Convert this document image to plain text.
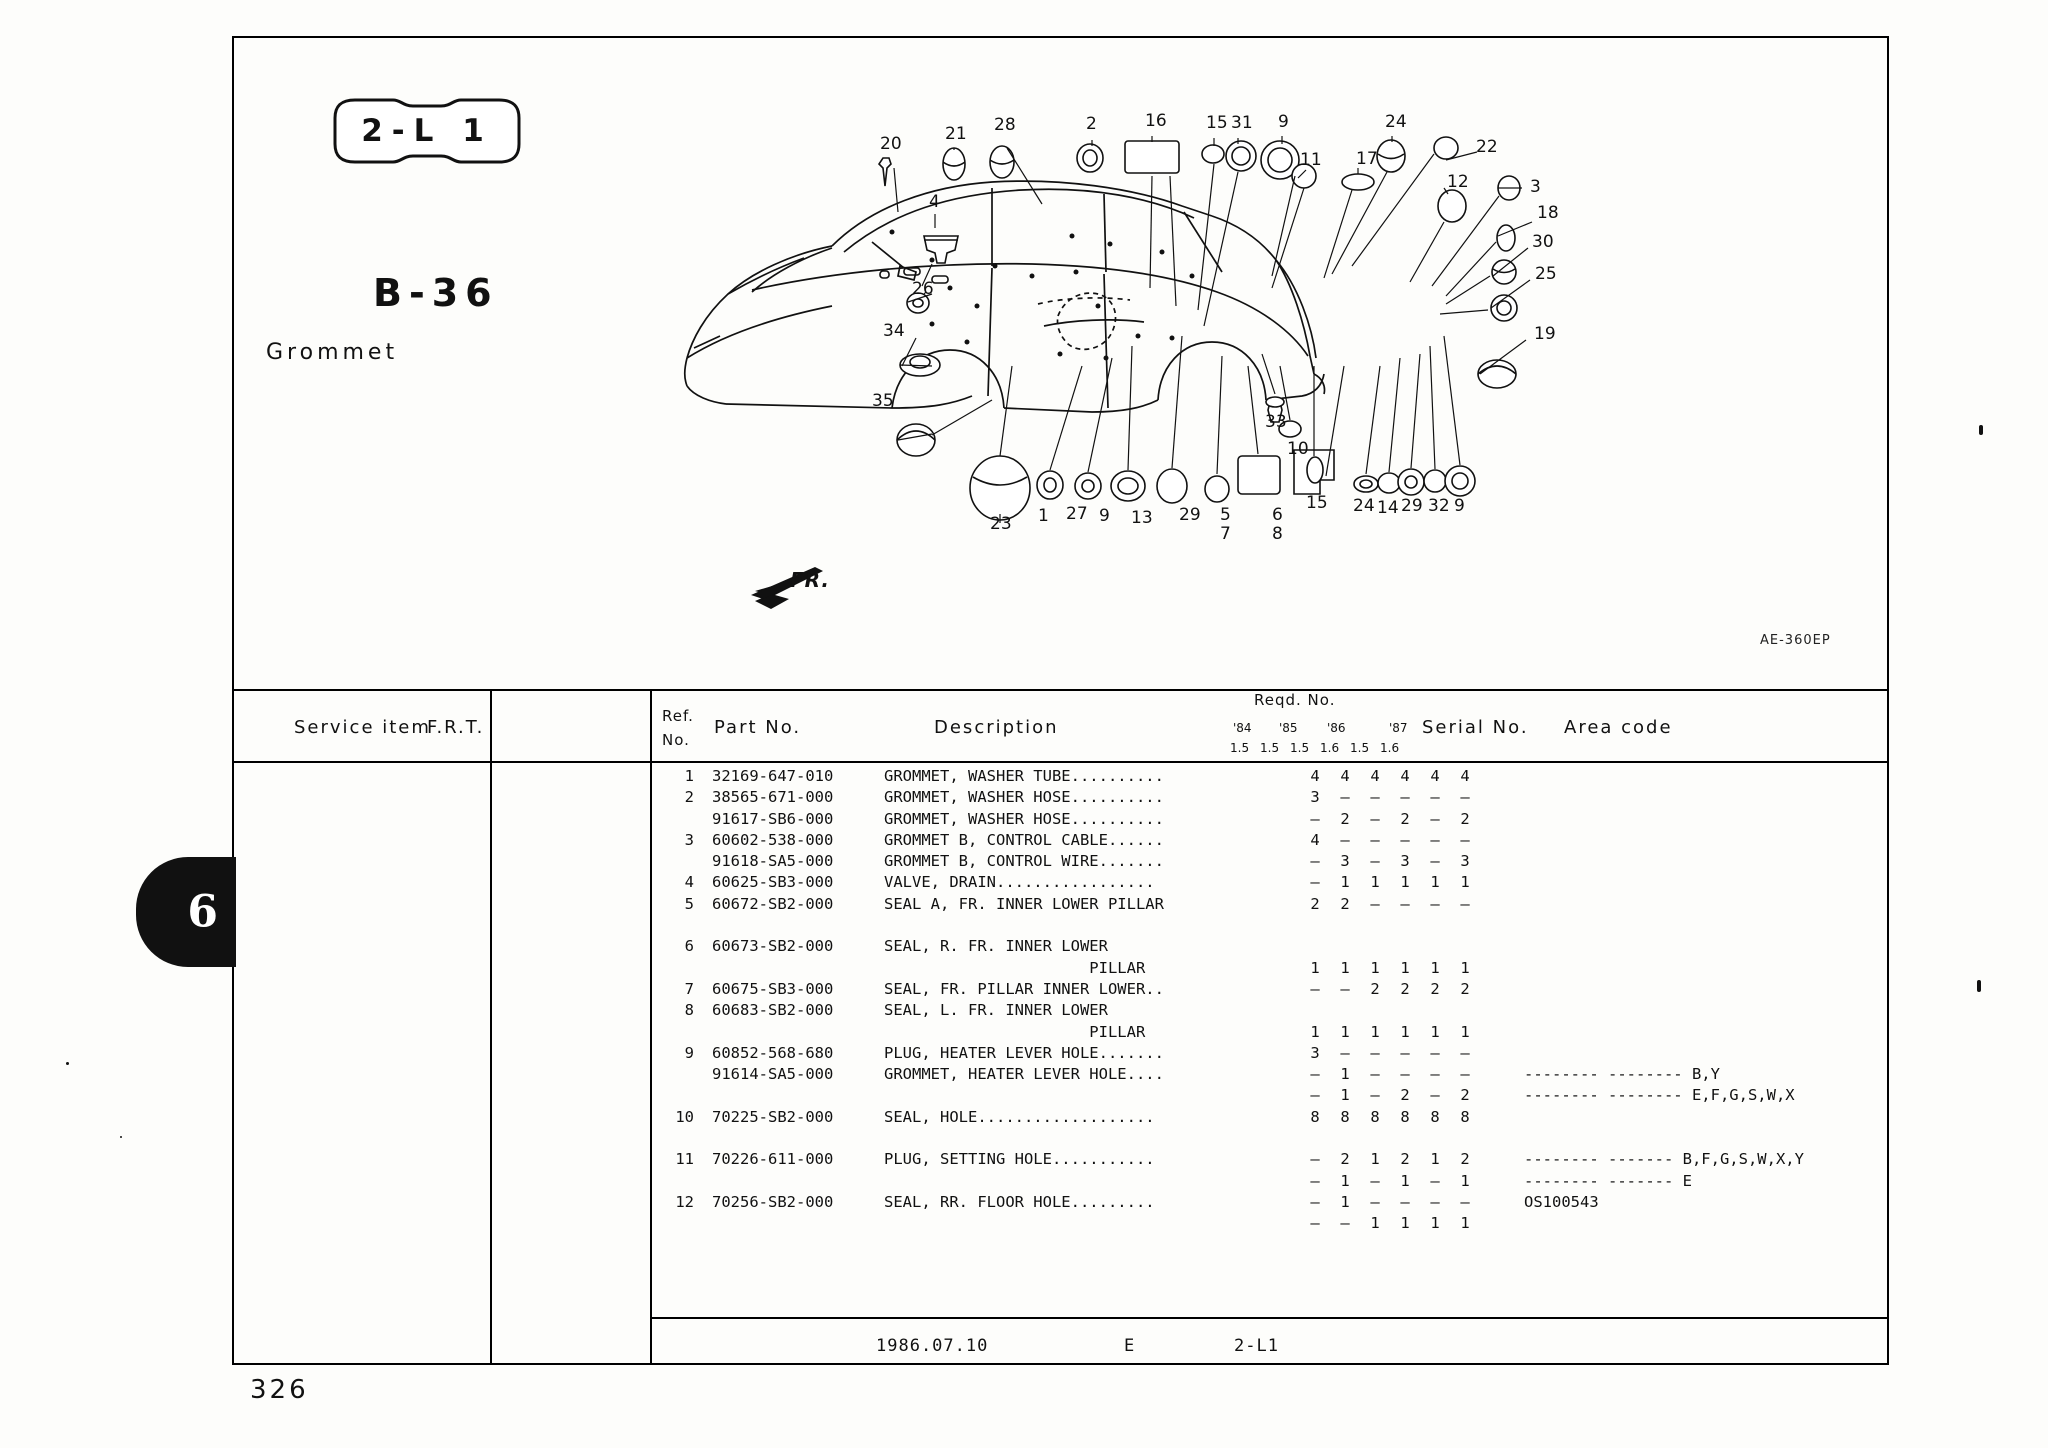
20	21 28	2	16 15 31 9
11
24
22
17
12	3
18
30
25
19
4
26
34
35
33
10
23 1 27 9 13 29 5
7
6
8
15 24 14 29 32 9
2-L 1
B-36
Grommet
FR.
AE-360EP
6
326
Service item
F.R.T.
Ref.
No.
Part No.	Description
Reqd. No.
Serial No. Area code
'84 '85 '86	'87
1.5 1.5 1.5 1.6 1.5 1.6
1 32169-647-010	GROMMET, WASHER TUBE..........	4	4	4	4	4	4
2 38565-671-000	GROMMET, WASHER HOSE..........	3	–	–	–	–	–
91617-SB6-000	GROMMET, WASHER HOSE..........	–	2	–	2	–	2
3 60602-538-000	GROMMET B, CONTROL CABLE......	4	–	–	–	–	–
91618-SA5-000	GROMMET B, CONTROL WIRE.......	–	3	–	3	–	3
4 60625-SB3-000	VALVE, DRAIN.................	–	1	1	1	1	1
5 60672-SB2-000	SEAL A, FR. INNER LOWER PILLAR	2	2	–	–	–	–
6 60673-SB2-000	SEAL, R. FR. INNER LOWER
PILLAR	1	1	1	1	1	1
7 60675-SB3-000	SEAL, FR. PILLAR INNER LOWER..	–	–	2	2	2	2
8 60683-SB2-000	SEAL, L. FR. INNER LOWER
PILLAR	1	1	1	1	1	1
9 60852-568-680	PLUG, HEATER LEVER HOLE.......	3	–	–	–	–	–
91614-SA5-000	GROMMET, HEATER LEVER HOLE....	–	1	–	–	–	–	-------- -------- B,Y
–	1	–	2	–	2	-------- -------- E,F,G,S,W,X
10 70225-SB2-000	SEAL, HOLE...................	8	8	8	8	8	8
11 70226-611-000	PLUG, SETTING HOLE...........	–	2	1	2	1	2	-------- ------- B,F,G,S,W,X,Y
–	1	–	1	–	1	-------- ------- E
12 70256-SB2-000	SEAL, RR. FLOOR HOLE.........	–	1	–	–	–	–	OS100543
–	–	1	1	1	1
1986.07.10	E	2-L1
